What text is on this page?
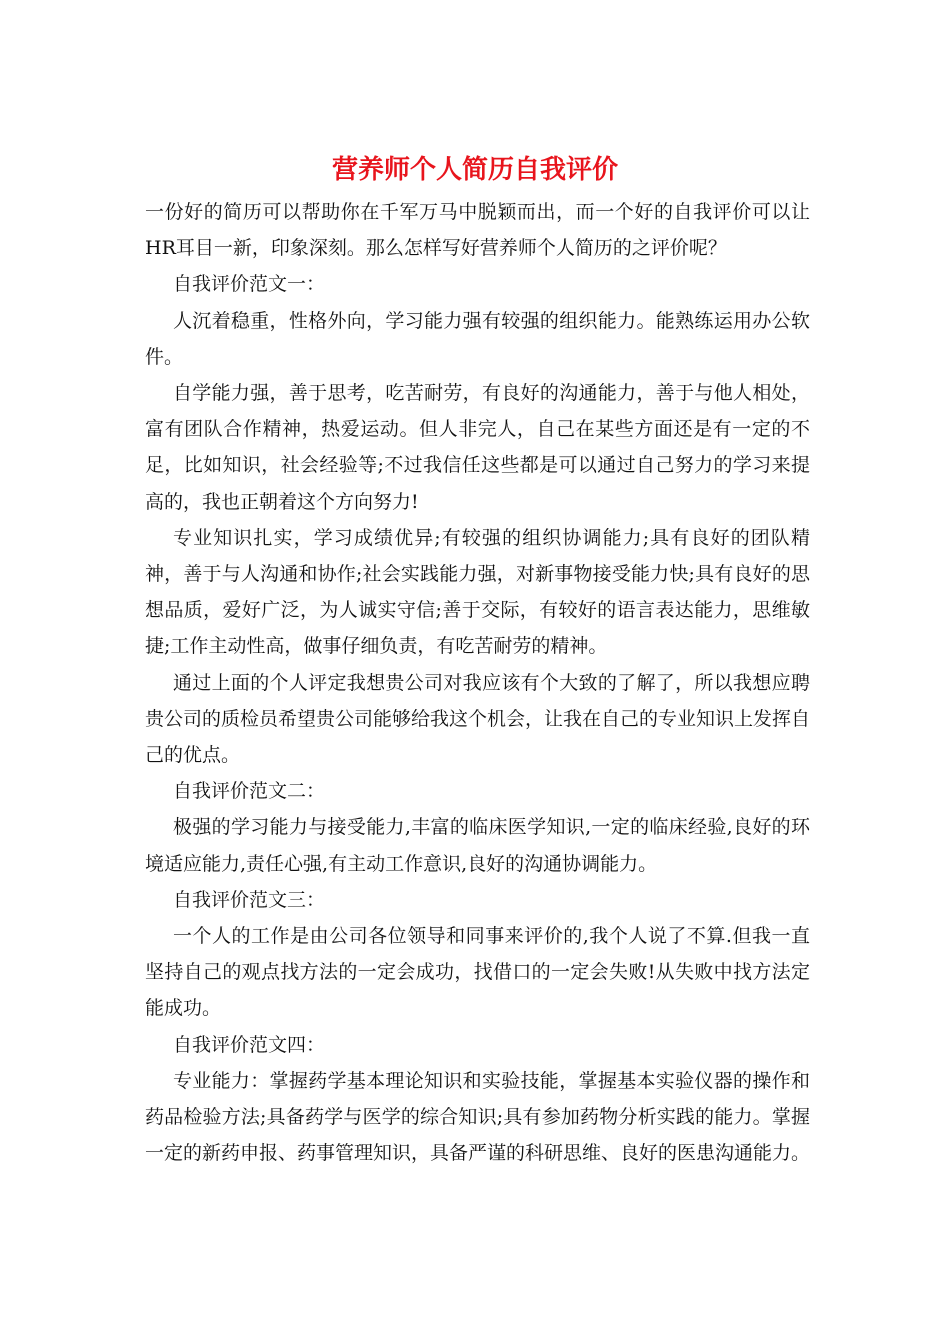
营养师个人简历自我评价

一份好的简历可以帮助你在千军万马中脱颖而出，而一个好的自我评价可以让HR耳目一新，印象深刻。那么怎样写好营养师个人简历的之评价呢？

自我评价范文一：

人沉着稳重，性格外向，学习能力强有较强的组织能力。能熟练运用办公软件。

自学能力强，善于思考，吃苦耐劳，有良好的沟通能力，善于与他人相处，富有团队合作精神，热爱运动。但人非完人，自己在某些方面还是有一定的不足，比如知识，社会经验等;不过我信任这些都是可以通过自己努力的学习来提高的，我也正朝着这个方向努力!

专业知识扎实，学习成绩优异;有较强的组织协调能力;具有良好的团队精神，善于与人沟通和协作;社会实践能力强，对新事物接受能力快;具有良好的思想品质，爱好广泛，为人诚实守信;善于交际，有较好的语言表达能力，思维敏捷;工作主动性高，做事仔细负责，有吃苦耐劳的精神。

通过上面的个人评定我想贵公司对我应该有个大致的了解了，所以我想应聘贵公司的质检员希望贵公司能够给我这个机会，让我在自己的专业知识上发挥自己的优点。

自我评价范文二：

极强的学习能力与接受能力,丰富的临床医学知识,一定的临床经验,良好的环境适应能力,责任心强,有主动工作意识,良好的沟通协调能力。

自我评价范文三：

一个人的工作是由公司各位领导和同事来评价的,我个人说了不算.但我一直坚持自己的观点找方法的一定会成功，找借口的一定会失败!从失败中找方法定能成功。

自我评价范文四：

专业能力：掌握药学基本理论知识和实验技能，掌握基本实验仪器的操作和药品检验方法;具备药学与医学的综合知识;具有参加药物分析实践的能力。掌握一定的新药申报、药事管理知识，具备严谨的科研思维、良好的医患沟通能力。
